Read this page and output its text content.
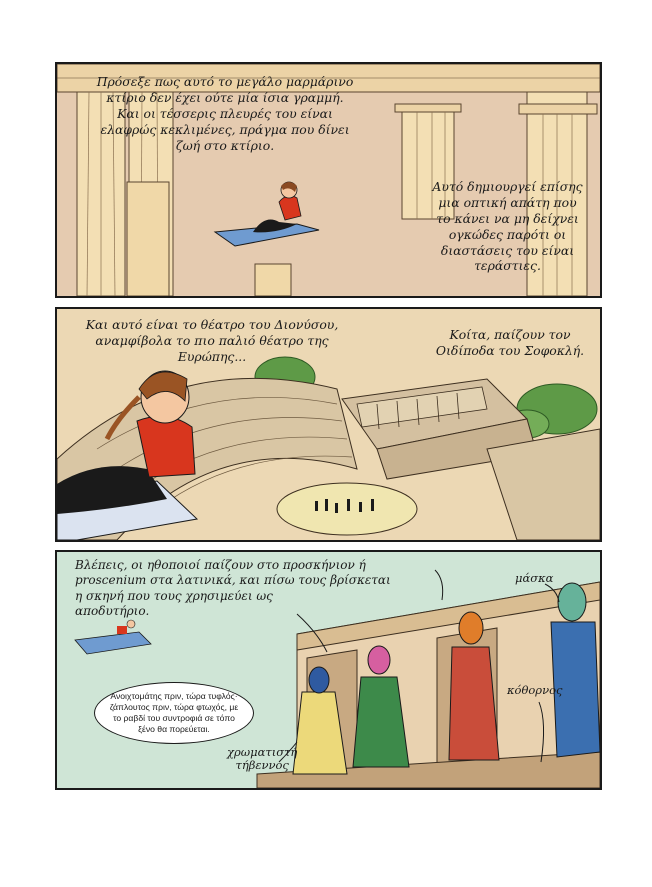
Πρόσεξε πως αυτό το μεγάλο μαρμάρινο
κτίριο δεν έχει ούτε μία ίσια γραμμή.
Και οι τέσσερις πλευρές του είναι
ελαφρώς κεκλιμένες, πράγμα που δίνει
ζωή στο κτίριο.
Αυτό δημιουργεί επίσης
μια οπτική απάτη που
το κάνει να μη δείχνει
ογκώδες παρότι οι
διαστάσεις του είναι
τεράστιες.
Και αυτό είναι το θέατρο του Διονύσου,
αναμφίβολα το πιο παλιό θέατρο της
Ευρώπης...
Κοίτα, παίζουν τον
Οιδίποδα του Σοφοκλή.
Βλέπεις, οι ηθοποιοί παίζουν στο προσκήνιον ή
proscenium στα λατινικά, και πίσω τους βρίσκεται
η σκηνή που τους χρησιμεύει ως
αποδυτήριο.
μάσκα
κόθορνος
χρωματιστή
τήβεννος
Ανοιχτομάτης πριν, τώρα τυφλός·
ζάπλουτος πριν, τώρα φτωχός, με
το ραβδί του συντροφιά σε τόπο
ξένο θα πορεύεται.
